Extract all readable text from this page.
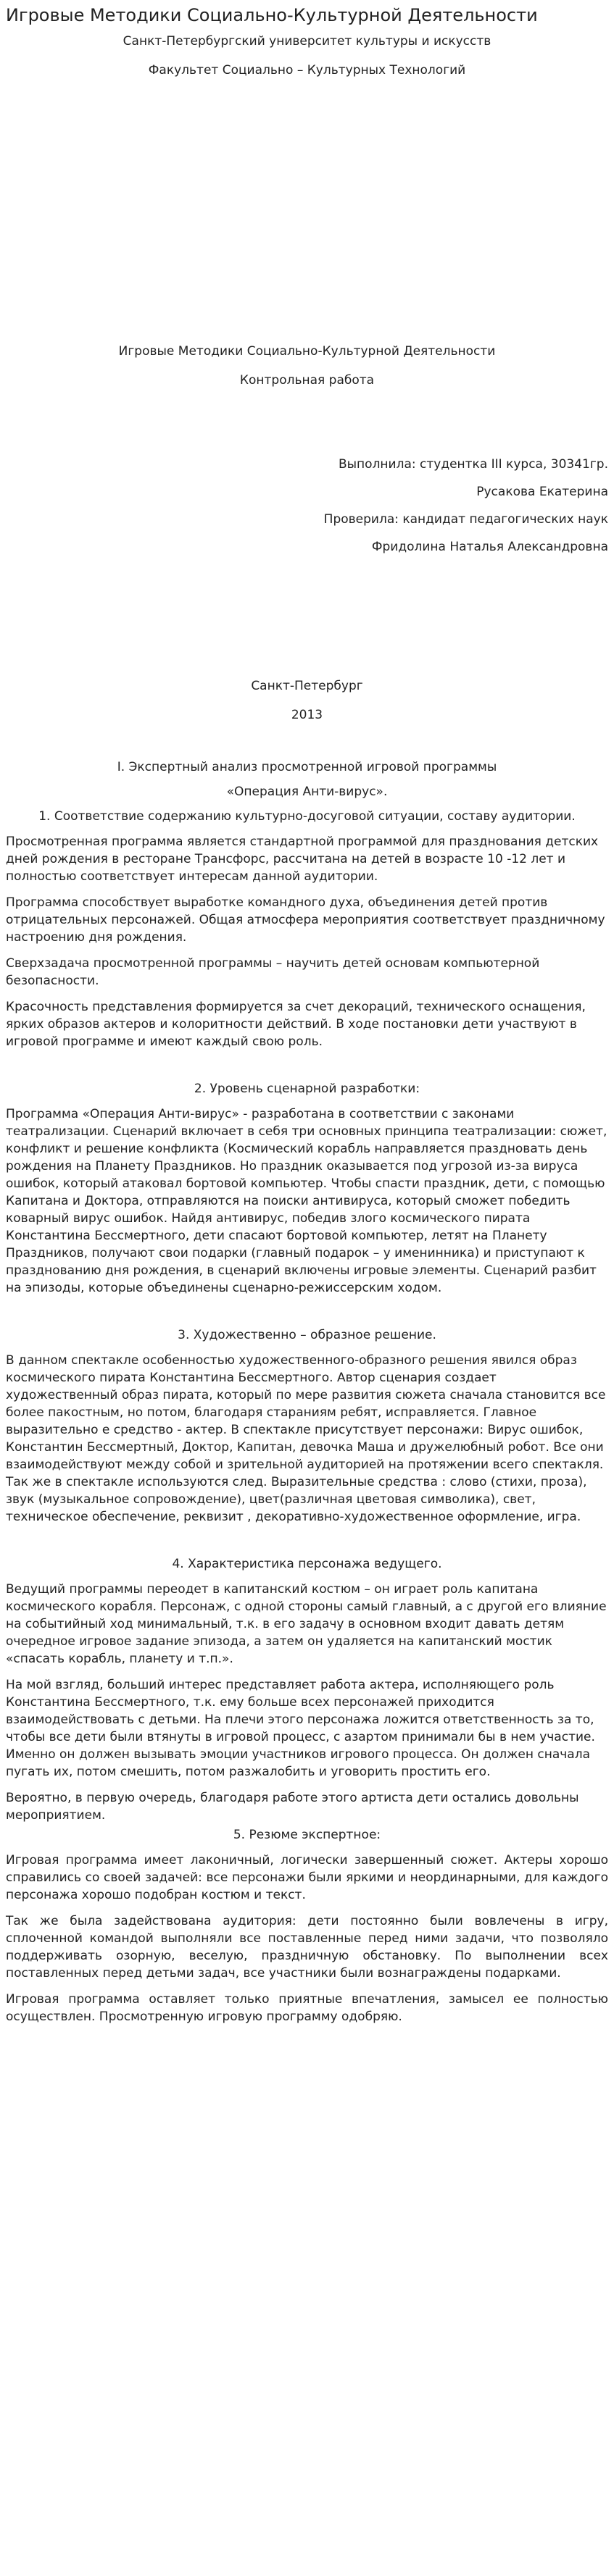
Игровые Методики Социально-Культурной Деятельности

Санкт-Петербургский университет культуры и искусств

Факультет Социально – Культурных Технологий

Игровые Методики Социально-Культурной Деятельности

Контрольная работа

Выполнила: студентка III курса, 30341гр.

Русакова Екатерина

Проверила: кандидат педагогических наук

Фридолина Наталья Александровна

Санкт-Петербург

2013

I. Экспертный анализ просмотренной игровой программы

«Операция Анти-вирус».

1. Соответствие содержанию культурно-досуговой ситуации, составу аудитории.

Просмотренная программа является стандартной программой для празднования детских дней рождения в ресторане Трансфорс, рассчитана на детей в возрасте 10 -12 лет и полностью соответствует интересам данной аудитории.

Программа способствует выработке командного духа, объединения детей против отрицательных персонажей. Общая атмосфера мероприятия соответствует праздничному настроению дня рождения.

Сверхзадача просмотренной программы – научить детей основам компьютерной безопасности.

Красочность представления формируется за счет декораций, технического оснащения, ярких образов актеров и колоритности действий. В ходе постановки дети участвуют в игровой программе и имеют каждый свою роль.

2. Уровень сценарной разработки:

Программа «Операция Анти-вирус» - разработана в соответствии с законами театрализации. Сценарий включает в себя три основных принципа театрализации: сюжет, конфликт и решение конфликта (Космический корабль направляется праздновать день рождения на Планету Праздников. Но праздник оказывается под угрозой из-за вируса ошибок, который атаковал бортовой компьютер. Чтобы спасти праздник, дети, с помощью Капитана и Доктора, отправляются на поиски антивируса, который сможет победить коварный вирус ошибок. Найдя антивирус, победив злого космического пирата Константина Бессмертного, дети спасают бортовой компьютер, летят на Планету Праздников, получают свои подарки (главный подарок – у именинника) и приступают к празднованию дня рождения, в сценарий включены игровые элементы. Сценарий разбит на эпизоды, которые объединены сценарно-режиссерским ходом.

3. Художественно – образное решение.

В данном спектакле особенностью художественного-образного решения явился образ космического пирата Константина Бессмертного. Автор сценария создает художественный образ пирата, который по мере развития сюжета сначала становится все более пакостным, но потом, благодаря стараниям ребят, исправляется. Главное выразительно е средство - актер. В спектакле присутствует персонажи: Вирус ошибок, Константин Бессмертный, Доктор, Капитан, девочка Маша и дружелюбный робот. Все они взаимодействуют между собой и зрительной аудиторией на протяжении всего спектакля. Так же в спектакле используются след. Выразительные средства : слово (стихи, проза), звук (музыкальное сопровождение), цвет(различная цветовая символика), свет, техническое обеспечение, реквизит , декоративно-художественное оформление, игра.

4. Характеристика персонажа ведущего.

Ведущий программы переодет в капитанский костюм – он играет роль капитана космического корабля. Персонаж, с одной стороны самый главный, а с другой его влияние на событийный ход минимальный, т.к. в его задачу в основном входит давать детям очередное игровое задание эпизода, а затем он удаляется на капитанский мостик «спасать корабль, планету и т.п.».

На мой взгляд, больший интерес представляет работа актера, исполняющего роль Константина Бессмертного, т.к. ему больше всех персонажей приходится взаимодействовать с детьми. На плечи этого персонажа ложится ответственность за то, чтобы все дети были втянуты в игровой процесс, с азартом принимали бы в нем участие. Именно он должен вызывать эмоции участников игрового процесса. Он должен сначала пугать их, потом смешить, потом разжалобить и уговорить простить его.

Вероятно, в первую очередь, благодаря работе этого артиста дети остались довольны мероприятием.

5. Резюме экспертное:

Игровая программа имеет лаконичный, логически завершенный сюжет. Актеры хорошо справились со своей задачей: все персонажи были яркими и неординарными, для каждого персонажа хорошо подобран костюм и текст.

Так же была задействована аудитория: дети постоянно были вовлечены в игру, сплоченной командой выполняли все поставленные перед ними задачи, что позволяло поддерживать озорную, веселую, праздничную обстановку. По выполнении всех поставленных перед детьми задач, все участники были вознаграждены подарками.

Игровая программа оставляет только приятные впечатления, замысел ее полностью осуществлен. Просмотренную игровую программу одобряю.
